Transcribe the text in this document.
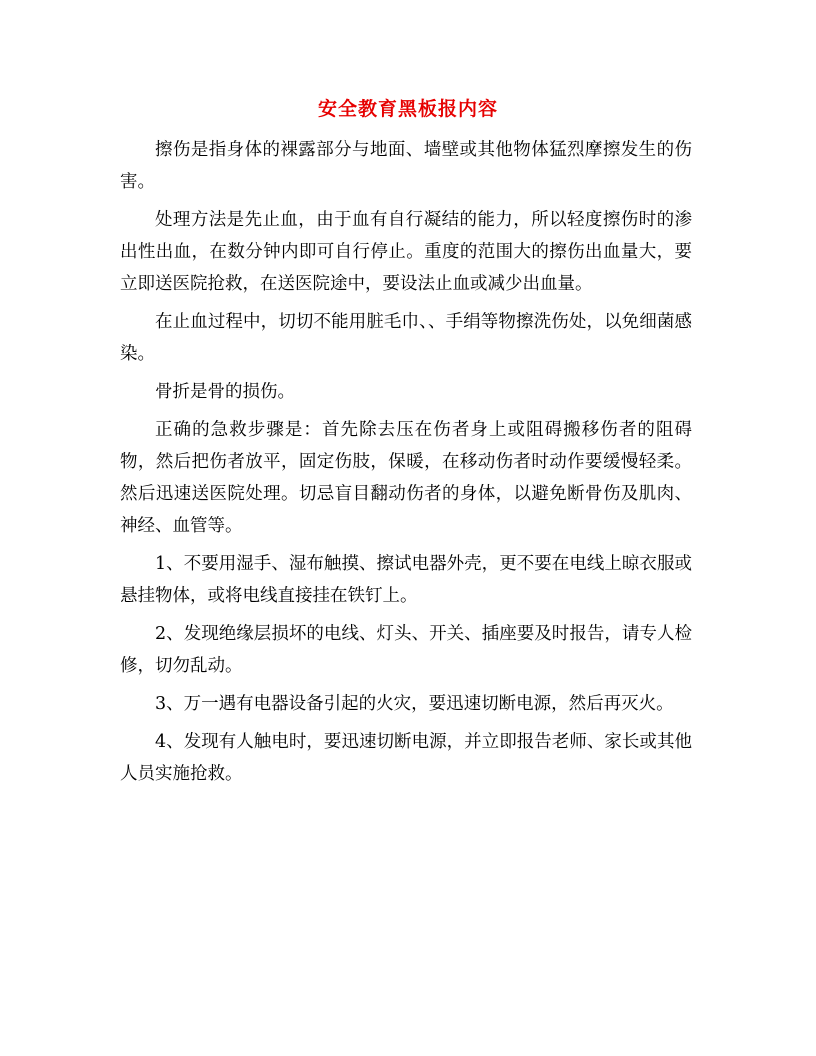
安全教育黑板报内容

擦伤是指身体的裸露部分与地面、墙壁或其他物体猛烈摩擦发生的伤害。

处理方法是先止血，由于血有自行凝结的能力，所以轻度擦伤时的渗出性出血，在数分钟内即可自行停止。重度的范围大的擦伤出血量大，要立即送医院抢救，在送医院途中，要设法止血或减少出血量。

在止血过程中，切切不能用脏毛巾、、手绢等物擦洗伤处，以免细菌感染。

骨折是骨的损伤。

正确的急救步骤是：首先除去压在伤者身上或阻碍搬移伤者的阻碍物，然后把伤者放平，固定伤肢，保暖，在移动伤者时动作要缓慢轻柔。然后迅速送医院处理。切忌盲目翻动伤者的身体，以避免断骨伤及肌肉、神经、血管等。

1、不要用湿手、湿布触摸、擦试电器外壳，更不要在电线上晾衣服或悬挂物体，或将电线直接挂在铁钉上。

2、发现绝缘层损坏的电线、灯头、开关、插座要及时报告，请专人检修，切勿乱动。

3、万一遇有电器设备引起的火灾，要迅速切断电源，然后再灭火。

4、发现有人触电时，要迅速切断电源，并立即报告老师、家长或其他人员实施抢救。
